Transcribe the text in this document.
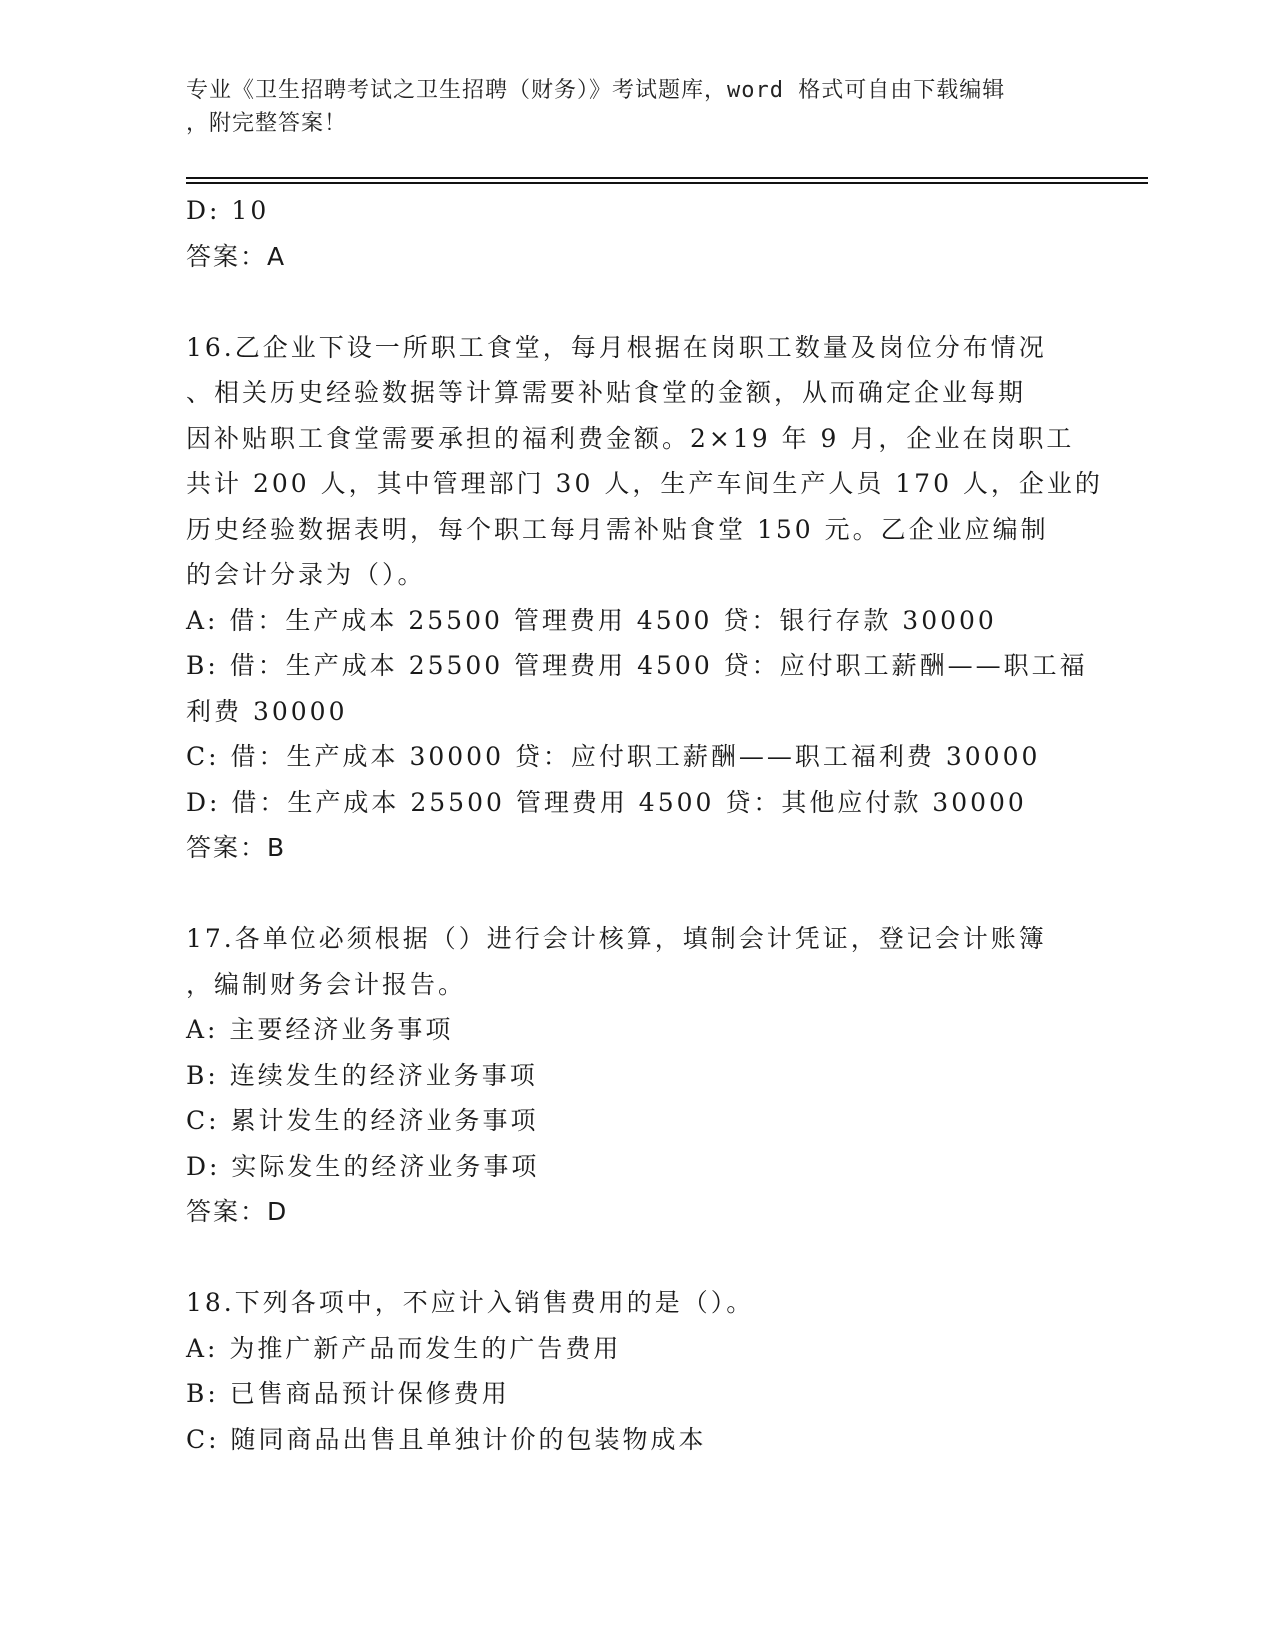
专业《卫生招聘考试之卫生招聘（财务）》考试题库，word 格式可自由下载编辑
，附完整答案！
D: 10
答案：A
16.乙企业下设一所职工食堂，每月根据在岗职工数量及岗位分布情况
、相关历史经验数据等计算需要补贴食堂的金额，从而确定企业每期
因补贴职工食堂需要承担的福利费金额。2×19 年 9 月，企业在岗职工
共计 200 人，其中管理部门 30 人，生产车间生产人员 170 人，企业的
历史经验数据表明，每个职工每月需补贴食堂 150 元。乙企业应编制
的会计分录为（）。
A: 借：生产成本 25500 管理费用 4500 贷：银行存款 30000
B: 借：生产成本 25500 管理费用 4500 贷：应付职工薪酬——职工福
利费 30000
C: 借：生产成本 30000 贷：应付职工薪酬——职工福利费 30000
D: 借：生产成本 25500 管理费用 4500 贷：其他应付款 30000
答案：B
17.各单位必须根据（）进行会计核算，填制会计凭证，登记会计账簿
，编制财务会计报告。
A: 主要经济业务事项
B: 连续发生的经济业务事项
C: 累计发生的经济业务事项
D: 实际发生的经济业务事项
答案：D
18.下列各项中，不应计入销售费用的是（）。
A: 为推广新产品而发生的广告费用
B: 已售商品预计保修费用
C: 随同商品出售且单独计价的包装物成本
